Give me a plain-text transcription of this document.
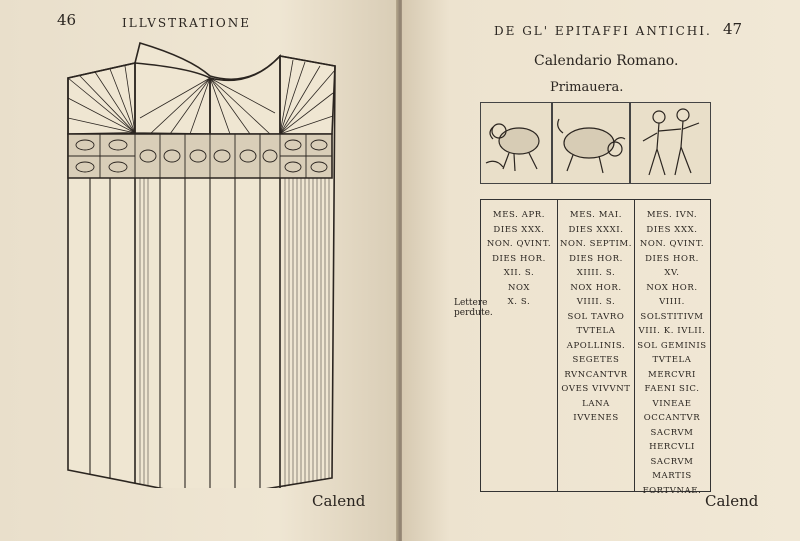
46	ILLVSTRATIONE
Calend
DE GL' EPITAFFI ANTICHI. 47
Calendario Romano.
Primauera.
Lettere
perdute.
Calend
MES. APR.
DIES XXX.
NON. QVINT.
DIES HOR.
XII. S.
NOX
X. S.
MES. MAI.
DIES XXXI.
NON. SEPTIM.
DIES HOR.
XIIII. S.
NOX HOR.
VIIII. S.
SOL TAVRO
TVTELA
APOLLINIS.
SEGETES
RVNCANTVR
OVES VIVVNT
LANA
IVVENES
MES. IVN.
DIES XXX.
NON. QVINT.
DIES HOR.
XV.
NOX HOR.
VIIII.
SOLSTITIVM
VIII. K. IVLII.
SOL GEMINIS
TVTELA
MERCVRI
FAENI SIC.
VINEAE
OCCANTVR
SACRVM
HERCVLI
SACRVM
MARTIS
FORTVNAE.
